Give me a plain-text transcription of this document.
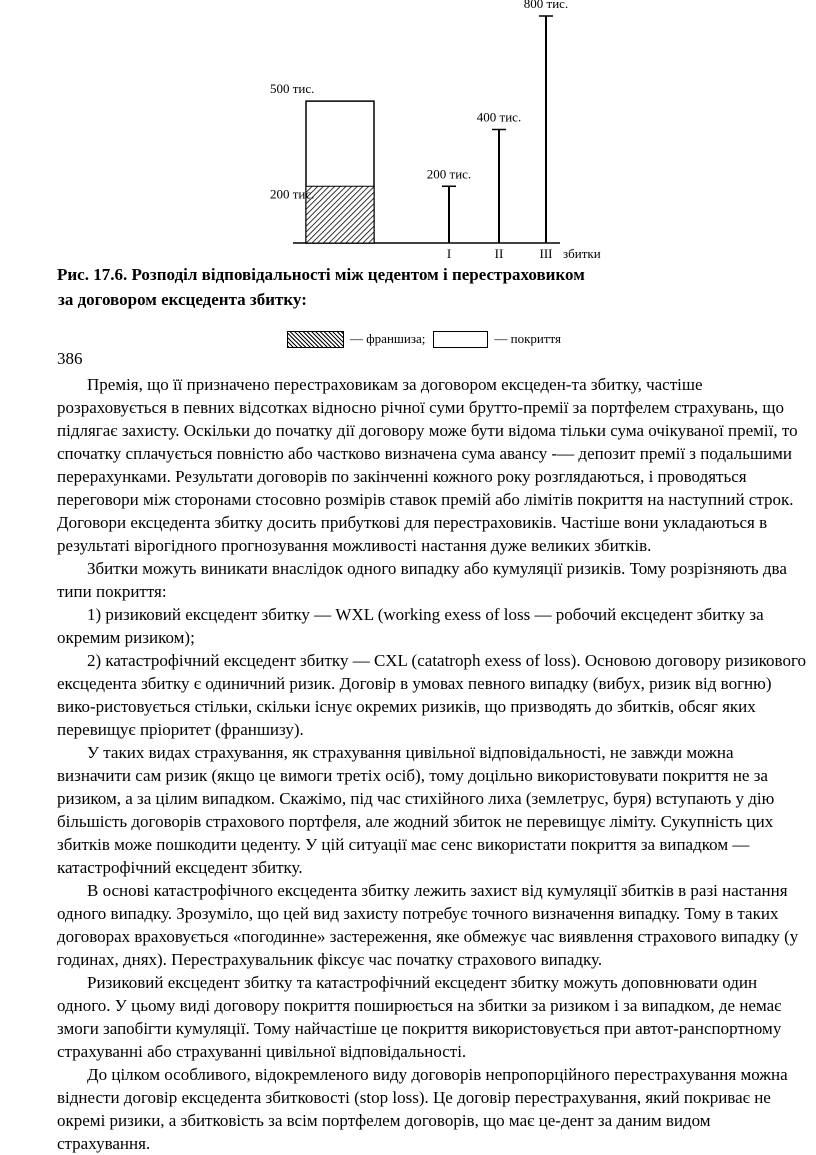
500 тис.
200 тис.
200 тис.
I
400 тис.
II
800 тис.
III збитки
Рис. 17.6. Розподіл відповідальності між цедентом і перестраховиком
за договором ексцедента збитку:
— франшиза;	— покриття
386

Премія, що її призначено перестраховикам за договором ексцеден-та збитку, частіше розраховується в певних відсотках відносно річної суми брутто-премії за портфелем страхувань, що підлягає захисту. Оскільки до початку дії договору може бути відома тільки сума очікуваної премії, то спочатку сплачується повністю або частково визначена сума авансу -— депозит премії з подальшими перерахунками. Результати договорів по закінченні кожного року розглядаються, і проводяться переговори між сторонами стосовно розмірів ставок премій або лімітів покриття на наступний строк. Договори ексцедента збитку досить прибуткові для перестраховиків. Частіше вони укладаються в результаті вірогідного прогнозування можливості настання дуже великих збитків.

Збитки можуть виникати внаслідок одного випадку або кумуляції ризиків. Тому розрізняють два типи покриття:

1) ризиковий ексцедент збитку — WXL (working exess of loss — робочий ексцедент збитку за окремим ризиком);

2) катастрофічний ексцедент збитку — CXL (catatroph exess of loss). Основою договору ризикового ексцедента збитку є одиничний ризик. Договір в умовах певного випадку (вибух, ризик від вогню) вико-ристовується стільки, скільки існує окремих ризиків, що призводять до збитків, обсяг яких перевищує пріоритет (франшизу).

У таких видах страхування, як страхування цивільної відповідальності, не завжди можна визначити сам ризик (якщо це вимоги третіх осіб), тому доцільно використовувати покриття не за ризиком, а за цілим випадком. Скажімо, під час стихійного лиха (землетрус, буря) вступають у дію більшість договорів страхового портфеля, але жодний збиток не перевищує ліміту. Сукупність цих збитків може пошкодити цеденту. У цій ситуації має сенс використати покриття за випадком — катастрофічний ексцедент збитку.

В основі катастрофічного ексцедента збитку лежить захист від кумуляції збитків в разі настання одного випадку. Зрозуміло, що цей вид захисту потребує точного визначення випадку. Тому в таких договорах враховується «погодинне» застереження, яке обмежує час виявлення страхового випадку (у годинах, днях). Перестрахувальник фіксує час початку страхового випадку.

Ризиковий ексцедент збитку та катастрофічний ексцедент збитку можуть доповнювати один одного. У цьому виді договору покриття поширюється на збитки за ризиком і за випадком, де немає змоги запобігти кумуляції. Тому найчастіше це покриття використовується при автот-ранспортному страхуванні або страхуванні цивільної відповідальності.

До цілком особливого, відокремленого виду договорів непропорційного перестрахування можна віднести договір ексцедента збитковості (stop loss). Це договір перестрахування, який покриває не окремі ризики, а збитковість за всім портфелем договорів, що має це-дент за даним видом страхування.
